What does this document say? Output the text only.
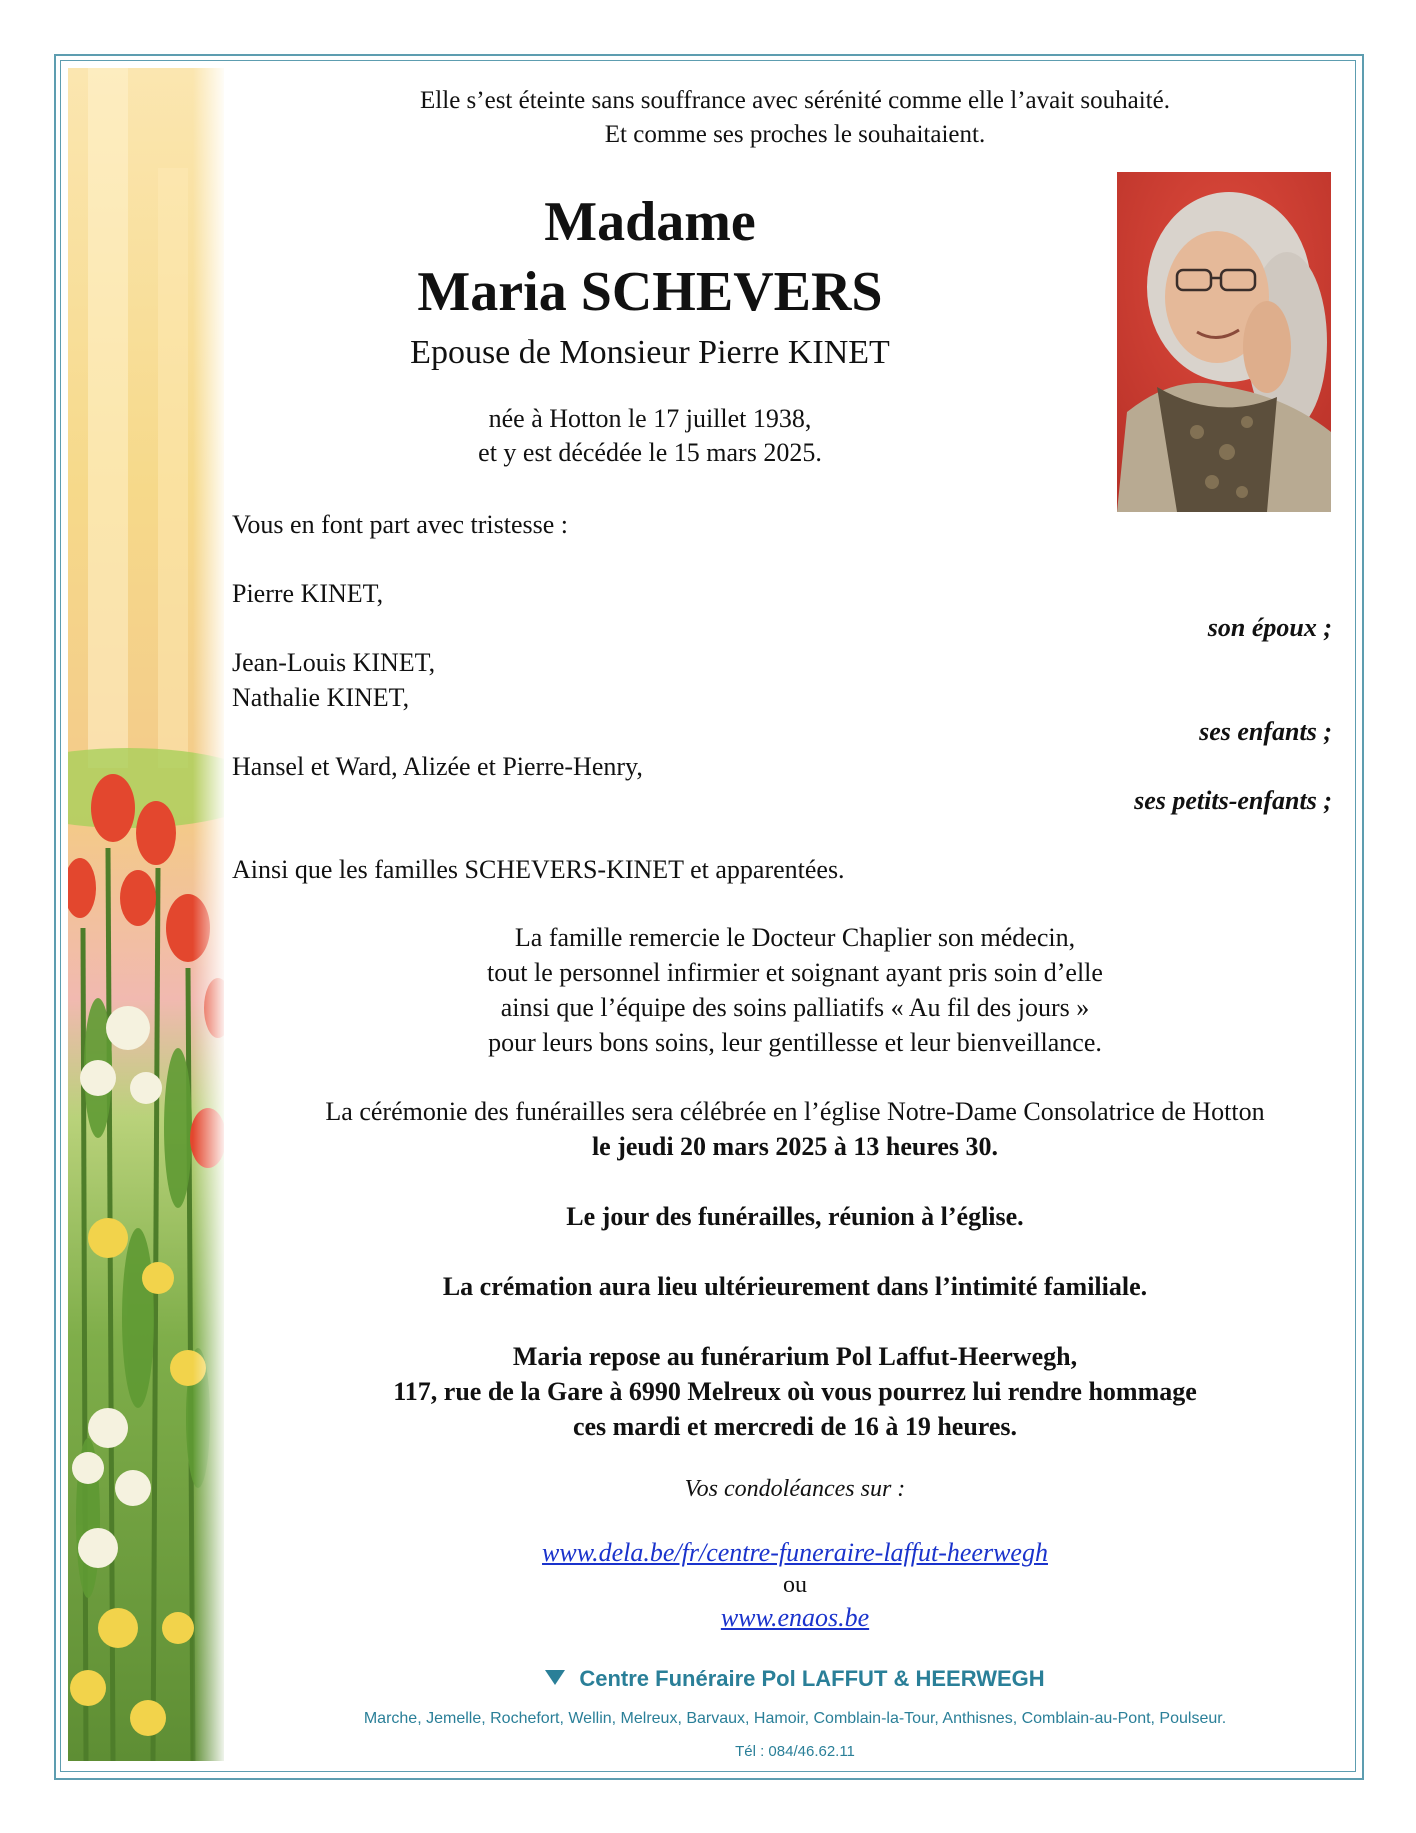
Elle s’est éteinte sans souffrance avec sérénité comme elle l’avait souhaité.
Et comme ses proches le souhaitaient.
Madame
Maria SCHEVERS
Epouse de Monsieur Pierre KINET
née à Hotton le 17 juillet 1938,
et y est décédée le 15 mars 2025.
Vous en font part avec tristesse :
Pierre KINET,
son époux ;
Jean-Louis KINET,
Nathalie KINET,
ses enfants ;
Hansel et Ward, Alizée et Pierre-Henry,
ses petits-enfants ;
Ainsi que les familles SCHEVERS-KINET et apparentées.
La famille remercie le Docteur Chaplier son médecin,
tout le personnel infirmier et soignant ayant pris soin d’elle
ainsi que l’équipe des soins palliatifs « Au fil des jours »
pour leurs bons soins, leur gentillesse et leur bienveillance.
La cérémonie des funérailles sera célébrée en l’église Notre-Dame Consolatrice de Hotton
le jeudi 20 mars 2025 à 13 heures 30.
Le jour des funérailles, réunion à l’église.
La crémation aura lieu ultérieurement dans l’intimité familiale.
Maria repose au funérarium Pol Laffut-Heerwegh,
117, rue de la Gare à 6990 Melreux où vous pourrez lui rendre hommage
ces mardi et mercredi de 16 à 19 heures.
Vos condoléances sur :
www.dela.be/fr/centre-funeraire-laffut-heerwegh
ou
www.enaos.be
Centre Funéraire Pol LAFFUT & HEERWEGH
Marche, Jemelle, Rochefort, Wellin, Melreux, Barvaux, Hamoir, Comblain-la-Tour, Anthisnes, Comblain-au-Pont, Poulseur.
Tél : 084/46.62.11
